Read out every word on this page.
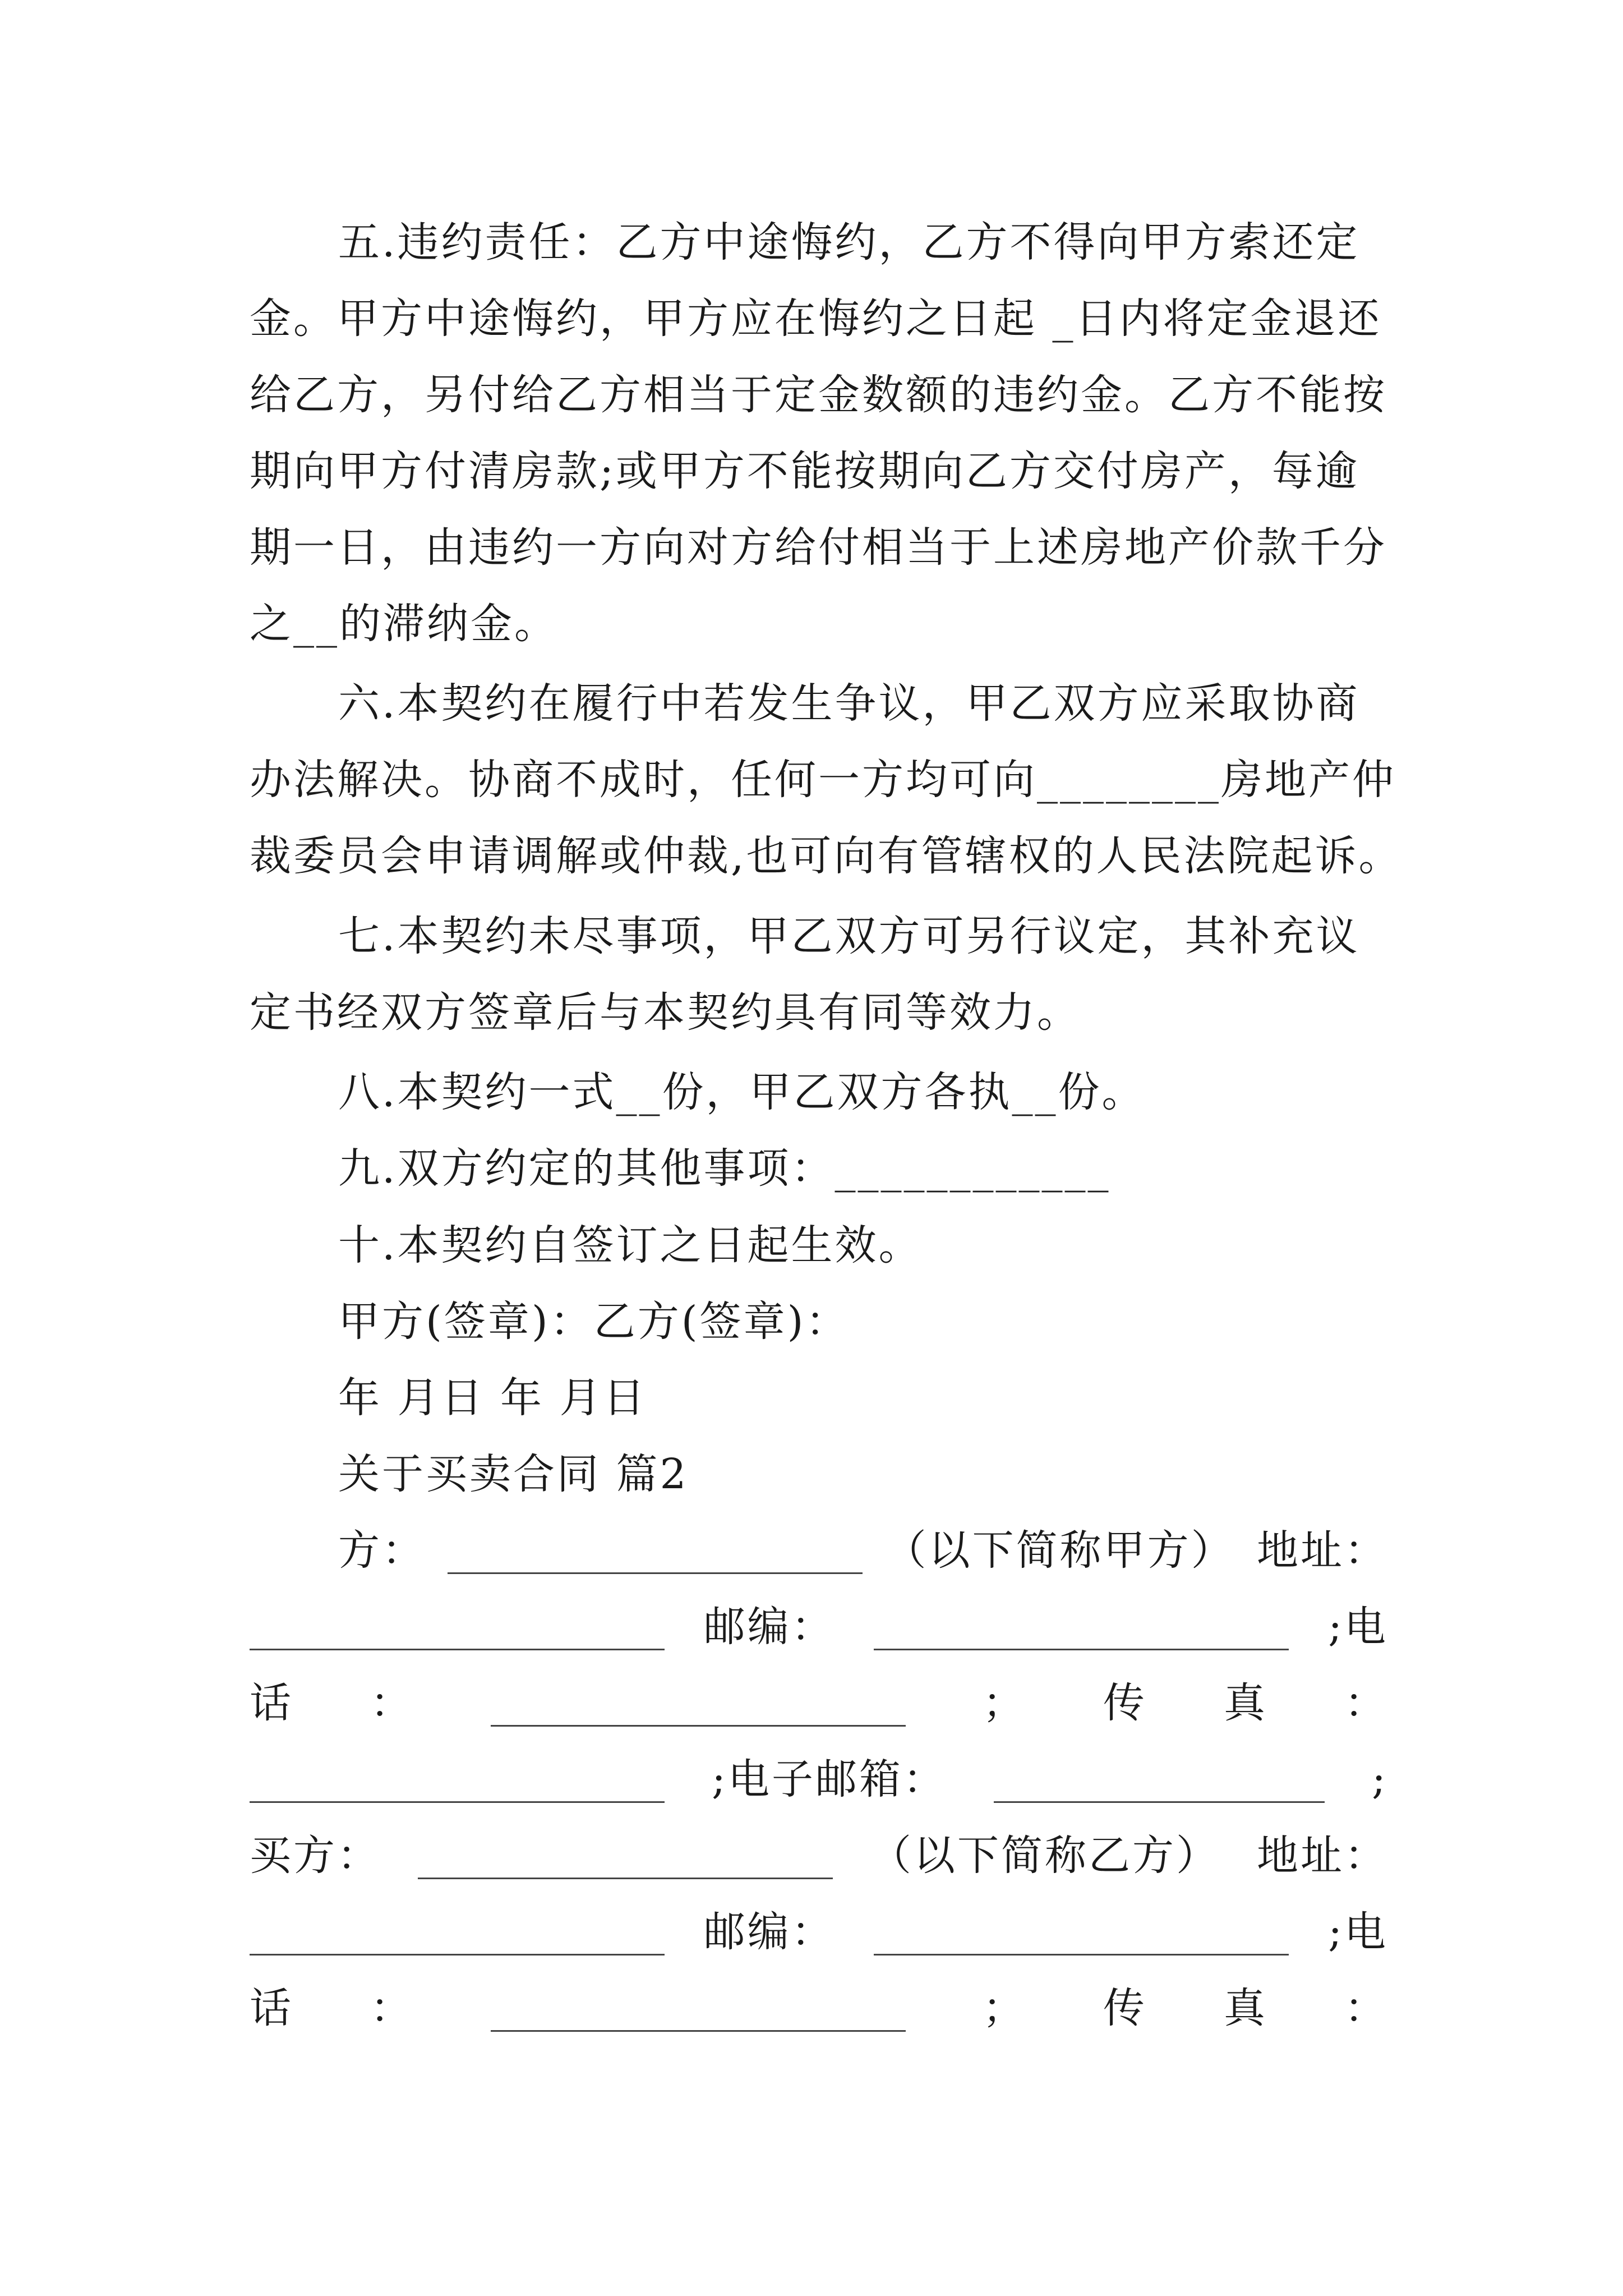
五.违约责任：乙方中途悔约，乙方不得向甲方索还定
金。甲方中途悔约，甲方应在悔约之日起 _日内将定金退还
给乙方，另付给乙方相当于定金数额的违约金。乙方不能按
期向甲方付清房款;或甲方不能按期向乙方交付房产，每逾
期一日，由违约一方向对方给付相当于上述房地产价款千分
之__的滞纳金。
六.本契约在履行中若发生争议，甲乙双方应采取协商
办法解决。协商不成时，任何一方均可向________房地产仲
裁委员会申请调解或仲裁,也可向有管辖权的人民法院起诉。
七.本契约未尽事项，甲乙双方可另行议定，其补充议
定书经双方签章后与本契约具有同等效力。
八.本契约一式__份，甲乙双方各执__份。
九.双方约定的其他事项：____________
十.本契约自签订之日起生效。
甲方(签章)：乙方(签章)：
年 月日 年 月日
关于买卖合同 篇2
方：	（以下简称甲方） 地址：
邮编：	;电
话 ：	； 传 真 ：
;电子邮箱：	;
买方：	（以下简称乙方） 地址：
邮编：	;电
话 ：	； 传 真 ：
